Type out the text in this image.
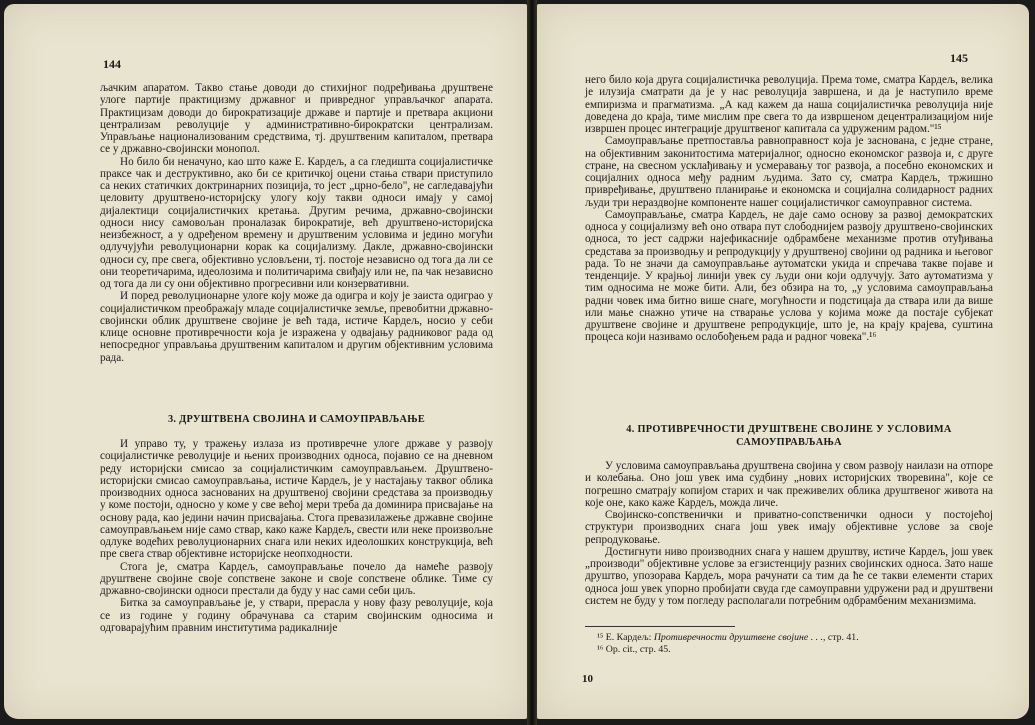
144

љачким апаратом. Такво стање доводи до стихијног подређивања друштвене улоге партије практицизму државног и привредног управљачког апарата. Практицизам доводи до бирократизације државе и партије и претвара акциони централизам револуције у административно-бирократски централизам. Управљање национализованим средствима, тј. друштвеним капиталом, претвара се у државно-својински монопол.

Но било би неначуно, као што каже Е. Кардељ, а са гледишта социјалистичке праксе чак и деструктивно, ако би се критичкој оцени стања ствари приступило са неких статичких доктринарних позиција, то јест „црно-бело", не сагледавајући целовиту друштвено-историјску улогу коју такви односи имају у самој дијалектици социјалистичких кретања. Другим речима, државно-својински односи нису самовољан проналазак бирократије, већ друштвено-историјска неизбежност, а у одређеном времену и друштвеним условима и једино могући одлучујући револуционарни корак ка социјализму. Дакле, државно-својински односи су, пре свега, објективно условљени, тј. постоје независно од тога да ли се они теоретичарима, идеолозима и политичарима свиђају или не, па чак независно од тога да ли су они објективно прогресивни или конзервативни.

И поред револуционарне улоге коју може да одигра и коју је заиста одиграо у социјалистичком преображају младе социјалистичке земље, превобитни државно-својински облик друштвене својине је већ тада, истиче Кардељ, носио у себи клице основне противречности која је изражена у одвајању радниковог рада од непосредног управљања друштвеним капиталом и другим објективним условима рада.

3. ДРУШТВЕНА СВОЈИНА И САМОУПРАВЉАЊЕ

И управо ту, у тражењу излаза из противречне улоге државе у развоју социјалистичке револуције и њених производних односа, појавио се на дневном реду историјски смисао за социјалистичким самоуправљањем. Друштвено-историјски смисао самоуправљања, истиче Кардељ, је у настајању таквог облика производних односа заснованих на друштвеној својини средстава за производњу у коме постоји, односно у коме у све већој мери треба да доминира присвајање на основу рада, као једини начин присвајања. Стога превазилажење државне својине самоуправљањем није само ствар, како каже Кардељ, свести или неке произвољне одлуке водећих револуционарних снага или неких идеолошких конструкција, већ пре свега ствар објективне историјске неопходности.

Стога је, сматра Кардељ, самоуправљање почело да намеће развоју друштвене својине своје сопствене законе и своје сопствене облике. Тиме су државно-својински односи престали да буду у нас сами себи циљ.

Битка за самоуправљање је, у ствари, прерасла у нову фазу револуције, која се из године у годину обрачунава са старим својинским односима и одговарајућим правним институтима радикалније

145

него било која друга социјалистичка револуција. Према томе, сматра Кардељ, велика је илузија сматрати да је у нас револуција завршена, и да је наступило време емпиризма и прагматизма. „А кад кажем да наша социјалистичка револуција није доведена до краја, тиме мислим пре свега то да извршеном децентрализацијом није извршен процес интеграције друштвеног капитала са удруженим радом."¹⁵

Самоуправљање претпоставља равноправност која је заснована, с једне стране, на објективним законитостима материјалног, односно економског развоја и, с друге стране, на свесном усклађивању и усмеравању тог развоја, а посебно економских и социјалних односа међу радним људима. Зато су, сматра Кардељ, тржишно привређивање, друштвено планирање и економска и социјална солидарност радних људи три нераздвојне компоненте нашег социјалистичког самоуправног система.

Самоуправљање, сматра Кардељ, не даје само основу за развој демократских односа у социјализму већ оно отвара пут слободнијем развоју друштвено-својинских односа, то јест садржи најефикасније одбрамбене механизме против отуђивања средстава за производњу и репродукцију у друштвеној својини од радника и његовог рада. То не значи да самоуправљање аутоматски укида и спречава такве појаве и тенденције. У крајњој линији увек су људи они који одлучују. Зато аутоматизма у тим односима не може бити. Али, без обзира на то, „у условима самоуправљања радни човек има битно више снаге, могућности и подстицаја да ствара или да више или мање снажно утиче на стварање услова у којима може да постаје субјекат друштвене својине и друштвене репродукције, што је, на крају крајева, суштина процеса који називамо ослобођењем рада и радног човека".¹⁶

4. ПРОТИВРЕЧНОСТИ ДРУШТВЕНЕ СВОЈИНЕ У УСЛОВИМА
САМОУПРАВЉАЊА

У условима самоуправљања друштвена својина у свом развоју наилази на отпоре и колебања. Оно још увек има судбину „нових историјских творевина", које се погрешно сматрају копијом старих и чак преживелих облика друштвеног живота на које оне, како каже Кардељ, можда личе.

Својинско-сопственички и приватно-сопственички односи у постојећој структури производних снага још увек имају објективне услове за своје репродуковање.

Достигнути ниво производних снага у нашем друштву, истиче Кардељ, још увек „производи" објективне услове за егзистенцију разних својинских односа. Зато наше друштво, упозорава Кардељ, мора рачунати са тим да ће се такви елементи старих односа још увек упорно пробијати свуда где самоуправни удружени рад и друштвени систем не буду у том погледу располагали потребним одбрамбеним механизмима.

¹⁵ Е. Кардељ: Противречности друштвене својине . . ., стр. 41.
¹⁶ Op. cit., стр. 45.
10
